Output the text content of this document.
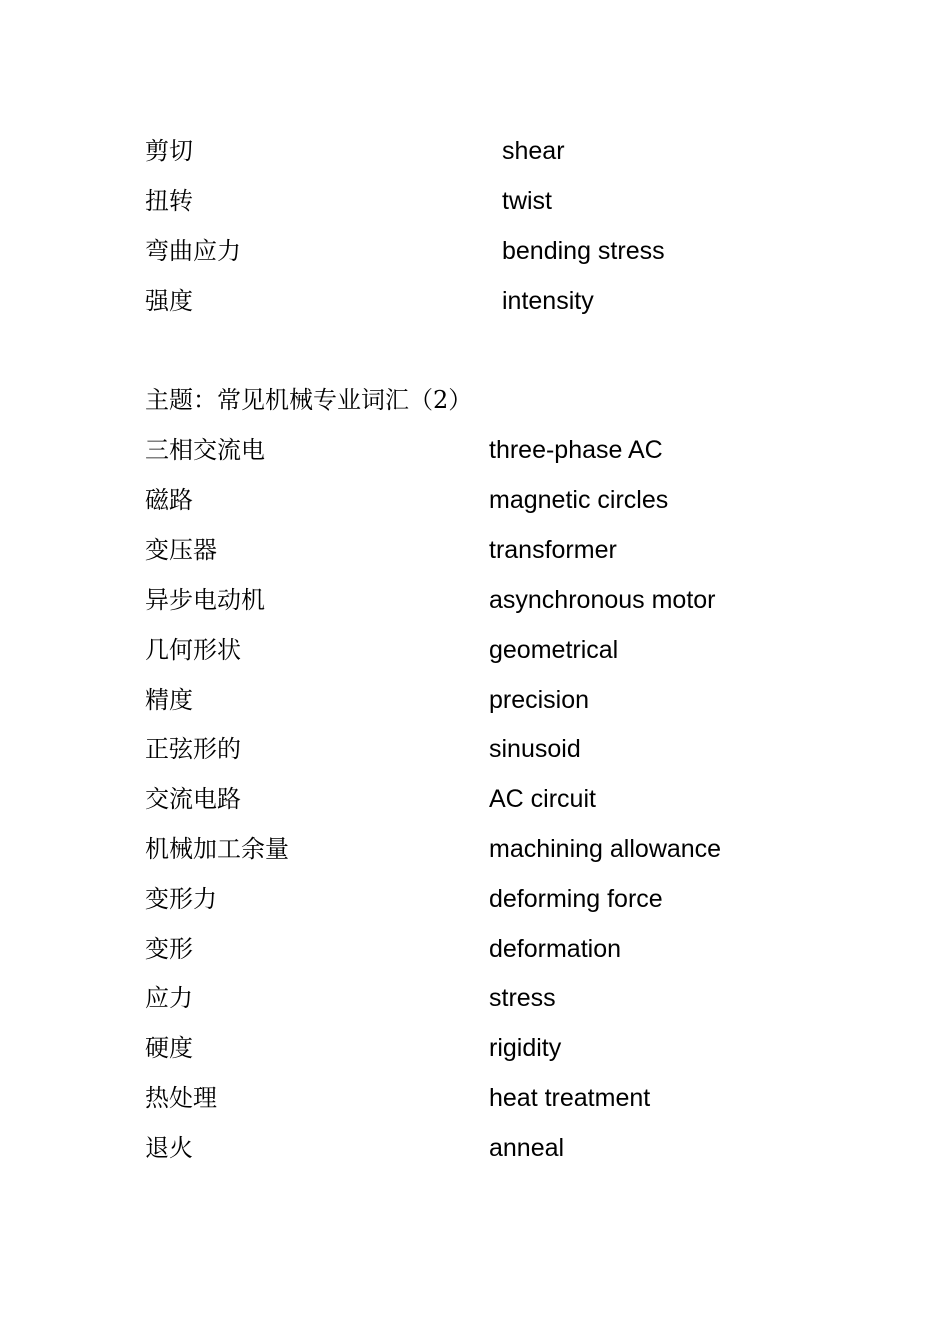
剪切	shear
扭转	twist
弯曲应力	bending stress
强度	intensity
主题：常见机械专业词汇（2）
三相交流电	three-phase AC
磁路	magnetic circles
变压器	transformer
异步电动机	asynchronous motor
几何形状	geometrical
精度	precision
正弦形的	sinusoid
交流电路	AC circuit
机械加工余量	machining allowance
变形力	deforming force
变形	deformation
应力	stress
硬度	rigidity
热处理	heat treatment
退火	anneal
